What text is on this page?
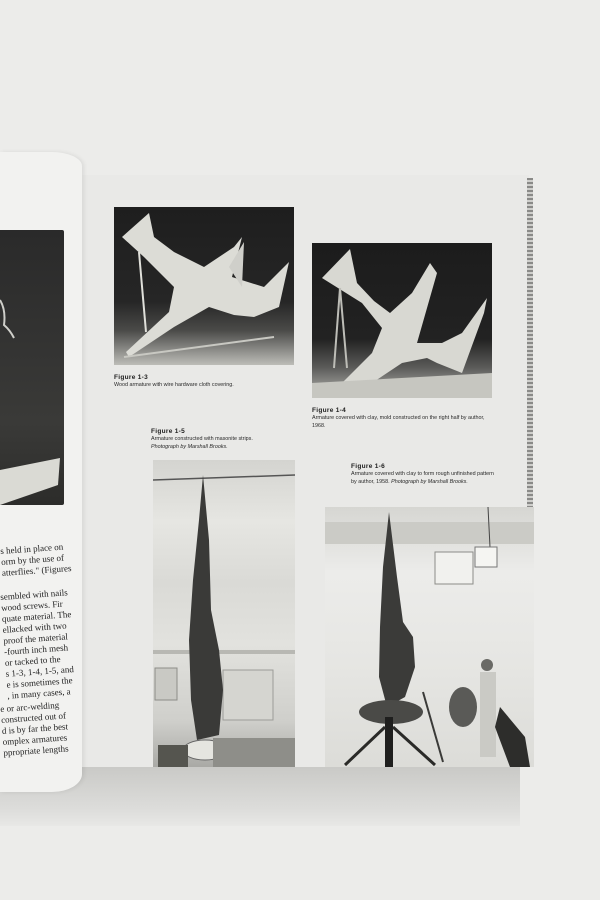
Figure 1-3
Wood armature with wire hardware cloth covering.
Figure 1-4
Armature covered with clay, mold constructed on the right half by author, 1968.
Figure 1-5
Armature constructed with masonite strips.
Photograph by Marshall Brooks.
Figure 1-6
Armature covered with clay to form rough unfinished pattern by author, 1958. Photograph by Marshall Brooks.
s held in place on
orm by the use of
atterflies." (Figures
sembled with nails
wood screws. Fir
quate material. The
ellacked with two
proof the material
-fourth inch mesh
or tacked to the
s 1-3, 1-4, 1-5, and
e is sometimes the
, in many cases, a
e or arc-welding
constructed out of
d is by far the best
omplex armatures
ppropriate lengths
